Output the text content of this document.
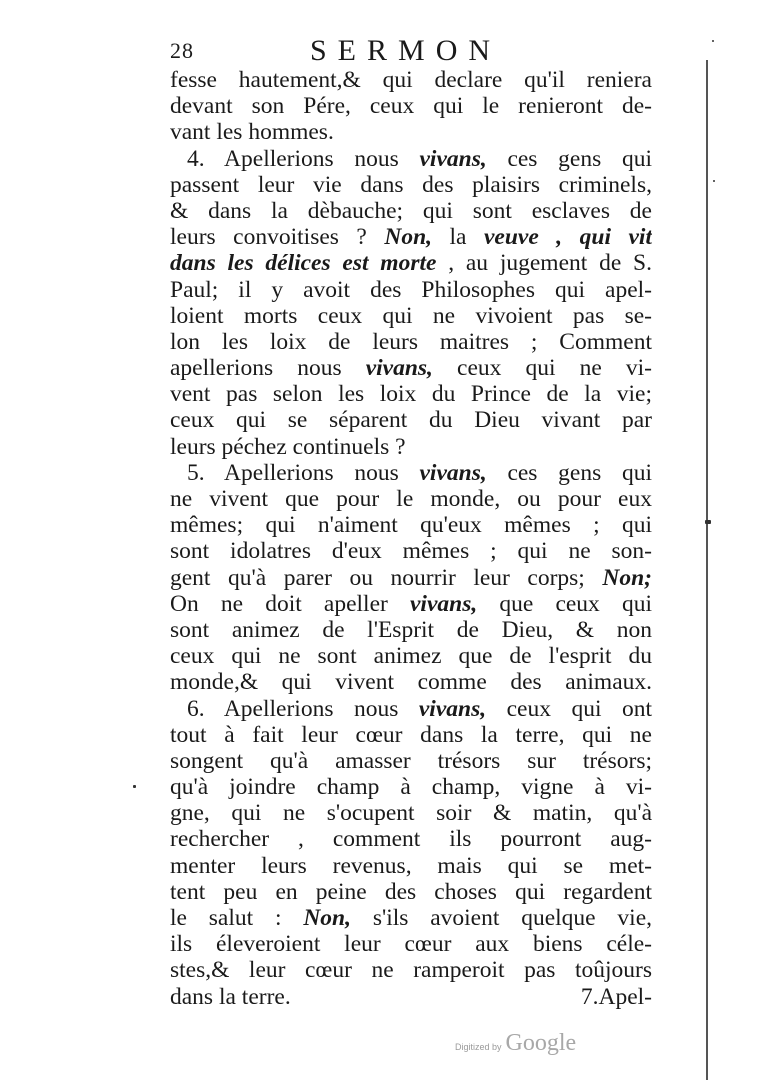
28	SERMON
fesse hautement,& qui declare qu'il reniera
devant son Pére, ceux qui le renieront de-
vant les hommes.
4. Apellerions nous vivans, ces gens qui
passent leur vie dans des plaisirs criminels,
& dans la dèbauche; qui sont esclaves de
leurs convoitises ? Non, la veuve , qui vit
dans les délices est morte , au jugement de S.
Paul; il y avoit des Philosophes qui apel-
loient morts ceux qui ne vivoient pas se-
lon les loix de leurs maitres ; Comment
apellerions nous vivans, ceux qui ne vi-
vent pas selon les loix du Prince de la vie;
ceux qui se séparent du Dieu vivant par
leurs péchez continuels ?
5. Apellerions nous vivans, ces gens qui
ne vivent que pour le monde, ou pour eux
mêmes; qui n'aiment qu'eux mêmes ; qui
sont idolatres d'eux mêmes ; qui ne son-
gent qu'à parer ou nourrir leur corps; Non;
On ne doit apeller vivans, que ceux qui
sont animez de l'Esprit de Dieu, & non
ceux qui ne sont animez que de l'esprit du
monde,& qui vivent comme des animaux.
6. Apellerions nous vivans, ceux qui ont
tout à fait leur cœur dans la terre, qui ne
songent qu'à amasser trésors sur trésors;
qu'à joindre champ à champ, vigne à vi-
gne, qui ne s'ocupent soir & matin, qu'à
rechercher , comment ils pourront aug-
menter leurs revenus, mais qui se met-
tent peu en peine des choses qui regardent
le salut : Non, s'ils avoient quelque vie,
ils éleveroient leur cœur aux biens céle-
stes,& leur cœur ne ramperoit pas toûjours
dans la terre.	7.Apel-
Digitized by Google
